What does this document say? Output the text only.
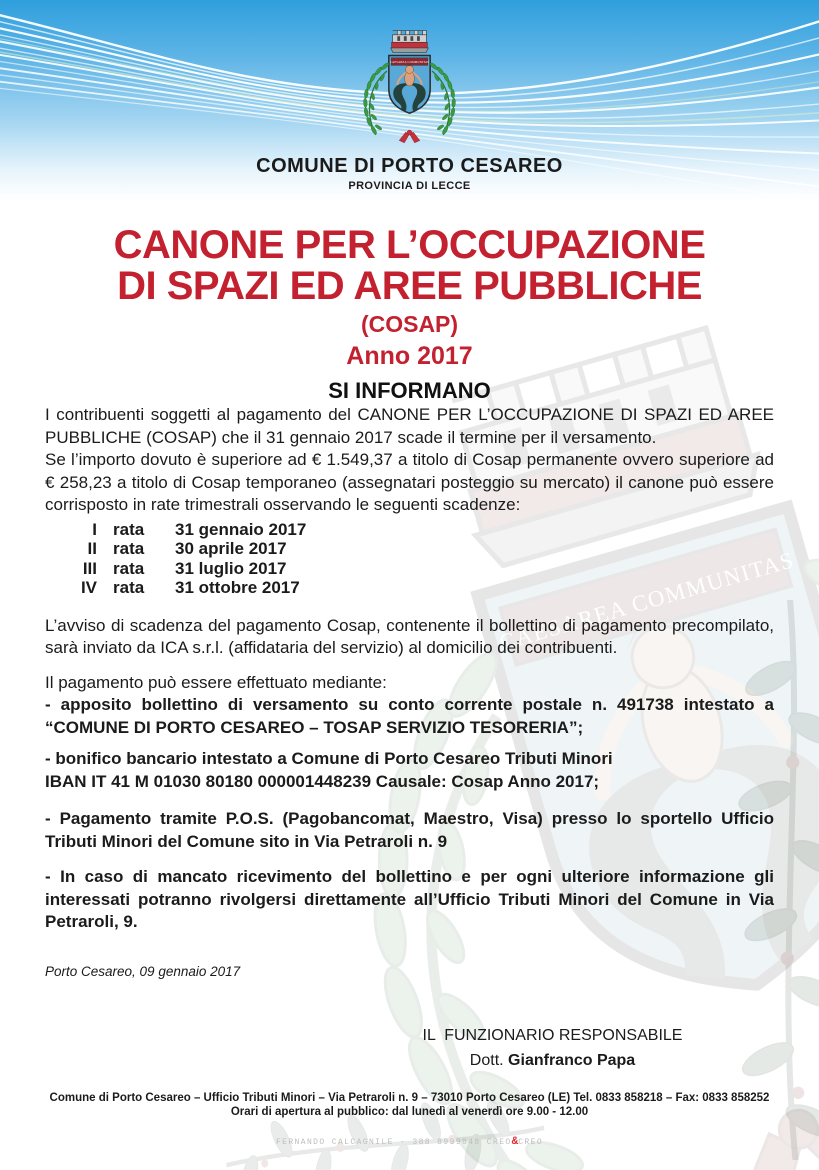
COMUNE DI PORTO CESAREO
PROVINCIA DI LECCE
CANONE PER L’OCCUPAZIONE
DI SPAZI ED AREE PUBBLICHE
(COSAP)
Anno 2017
SI INFORMANO

I contribuenti soggetti al pagamento del CANONE PER L’OCCUPAZIONE DI SPAZI ED AREE PUBBLICHE (COSAP) che il 31 gennaio 2017 scade il termine per il versamento.

Se l’importo dovuto è superiore ad € 1.549,37 a titolo di Cosap permanente ovvero superiore ad € 258,23 a titolo di Cosap temporaneo (assegnatari posteggio su mercato) il canone può essere corrisposto in rate trimestrali osservando le seguenti scadenze:

I rata	31 gennaio 2017
II rata	30 aprile 2017
III rata	31 luglio 2017
IV rata	31 ottobre 2017

L’avviso di scadenza del pagamento Cosap, contenente il bollettino di pagamento precompilato, sarà inviato da ICA s.r.l. (affidataria del servizio) al domicilio dei contribuenti.

Il pagamento può essere effettuato mediante:

- apposito bollettino di versamento su conto corrente postale n. 491738 intestato a “COMUNE DI PORTO CESAREO – TOSAP SERVIZIO TESORERIA”;

- bonifico bancario intestato a Comune di Porto Cesareo Tributi Minori
IBAN IT 41 M 01030 80180 000001448239 Causale: Cosap Anno 2017;

- Pagamento tramite P.O.S. (Pagobancomat, Maestro, Visa) presso lo sportello Ufficio Tributi Minori del Comune sito in Via Petraroli n. 9

- In caso di mancato ricevimento del bollettino e per ogni ulteriore informazione gli interessati potranno rivolgersi direttamente all’Ufficio Tributi Minori del Comune in Via Petraroli, 9.

Porto Cesareo, 09 gennaio 2017
IL  FUNZIONARIO RESPONSABILE
Dott. Gianfranco Papa
Comune di Porto Cesareo – Ufficio Tributi Minori – Via Petraroli n. 9 – 73010 Porto Cesareo (LE) Tel. 0833 858218 – Fax: 0833 858252
Orari di apertura al pubblico: dal lunedì al venerdì ore 9.00 - 12.00
FERNANDO CALCAGNILE - 388 8999848 CREO&CREO
